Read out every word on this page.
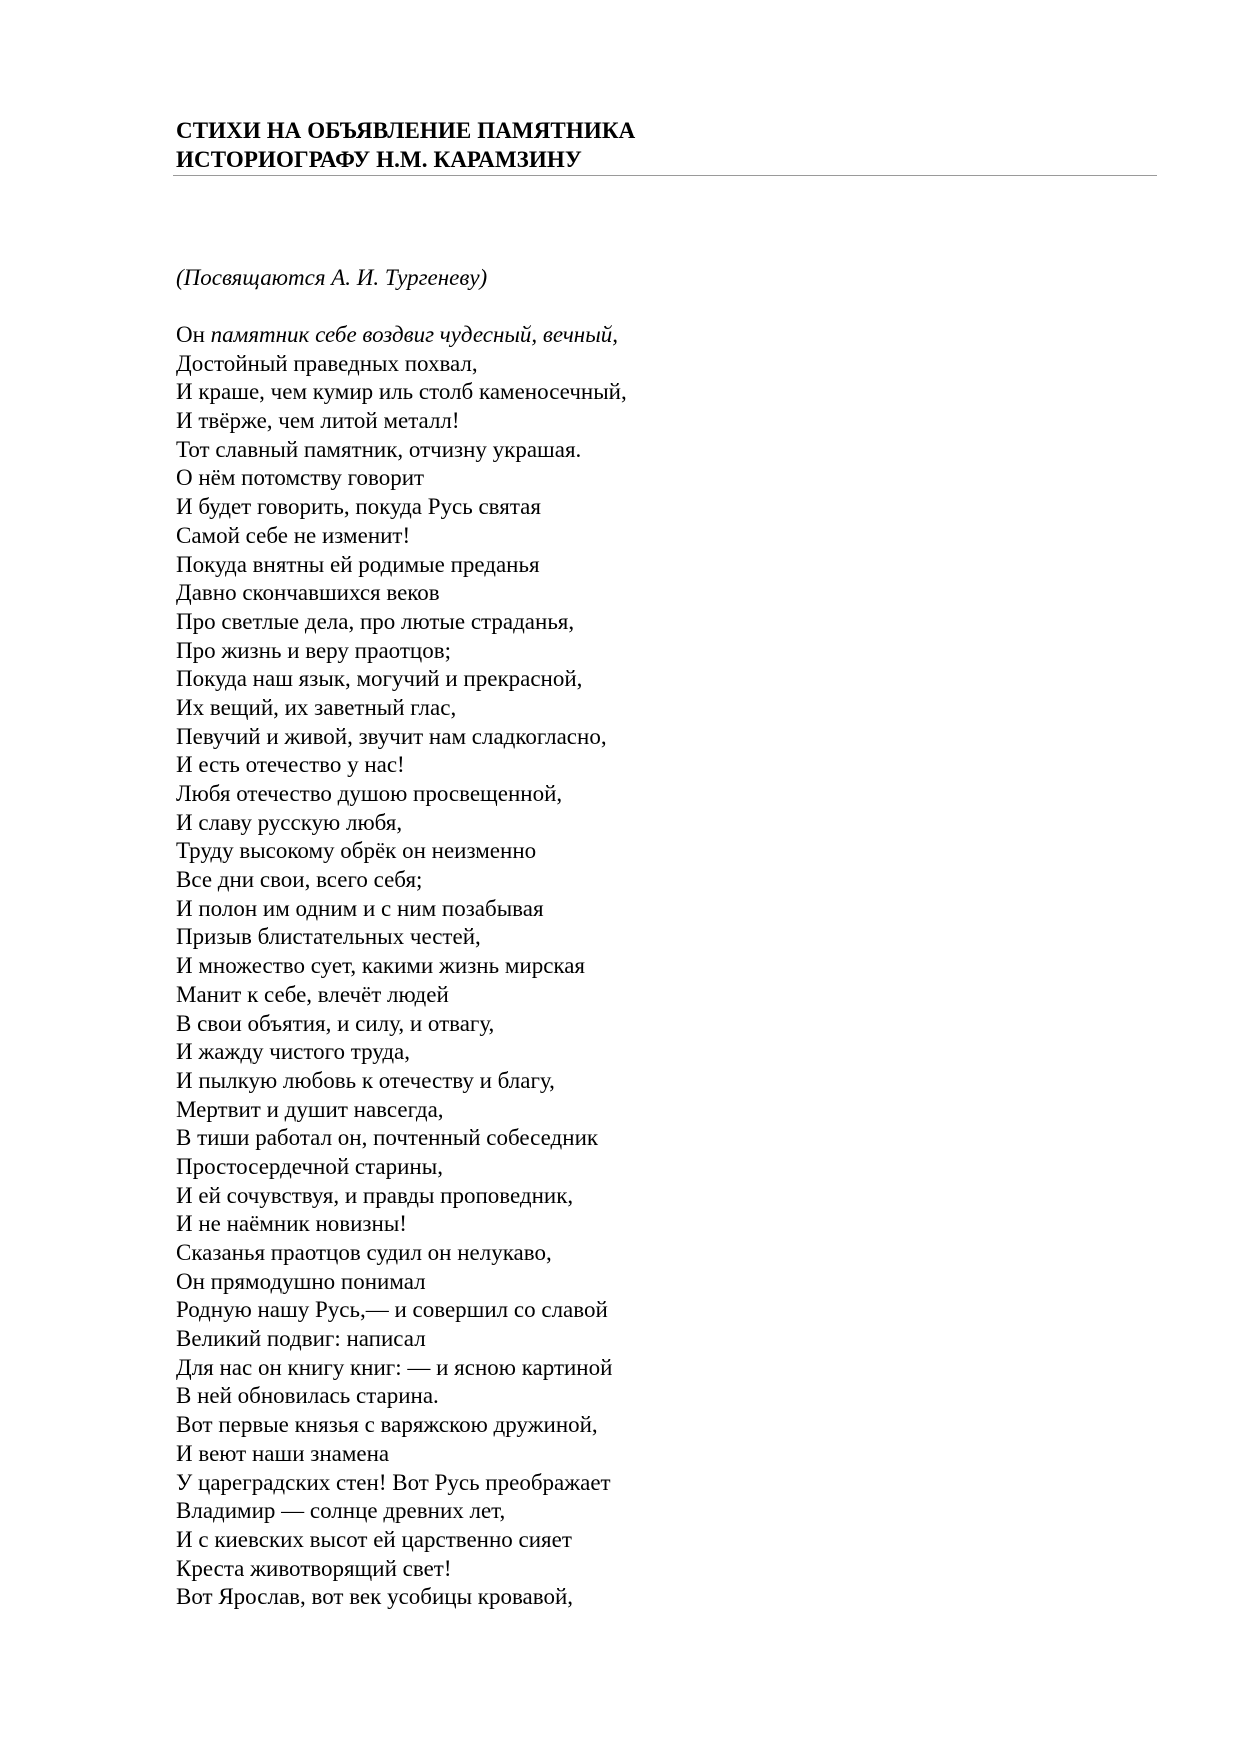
СТИХИ НА ОБЪЯВЛЕНИЕ ПАМЯТНИКА
ИСТОРИОГРАФУ Н.М. КАРАМЗИНУ

(Посвящаются А. И. Тургеневу)

Он памятник себе воздвиг чудесный, вечный,
Достойный праведных похвал,
И краше, чем кумир иль столб каменосечный,
И твёрже, чем литой металл!
Тот славный памятник, отчизну украшая.
О нём потомству говорит
И будет говорить, покуда Русь святая
Самой себе не изменит!
Покуда внятны ей родимые преданья
Давно скончавшихся веков
Про светлые дела, про лютые страданья,
Про жизнь и веру праотцов;
Покуда наш язык, могучий и прекрасной,
Их вещий, их заветный глас,
Певучий и живой, звучит нам сладкогласно,
И есть отечество у нас!
Любя отечество душою просвещенной,
И славу русскую любя,
Труду высокому обрёк он неизменно
Все дни свои, всего себя;
И полон им одним и с ним позабывая
Призыв блистательных честей,
И множество сует, какими жизнь мирская
Манит к себе, влечёт людей
В свои объятия, и силу, и отвагу,
И жажду чистого труда,
И пылкую любовь к отечеству и благу,
Мертвит и душит навсегда,
В тиши работал он, почтенный собеседник
Простосердечной старины,
И ей сочувствуя, и правды проповедник,
И не наёмник новизны!
Сказанья праотцов судил он нелукаво,
Он прямодушно понимал
Родную нашу Русь,— и совершил со славой
Великий подвиг: написал
Для нас он книгу книг: — и ясною картиной
В ней обновилась старина.
Вот первые князья с варяжскою дружиной,
И веют наши знамена
У цареградских стен! Вот Русь преображает
Владимир — солнце древних лет,
И с киевских высот ей царственно сияет
Креста животворящий свет!
Вот Ярослав, вот век усобицы кровавой,
